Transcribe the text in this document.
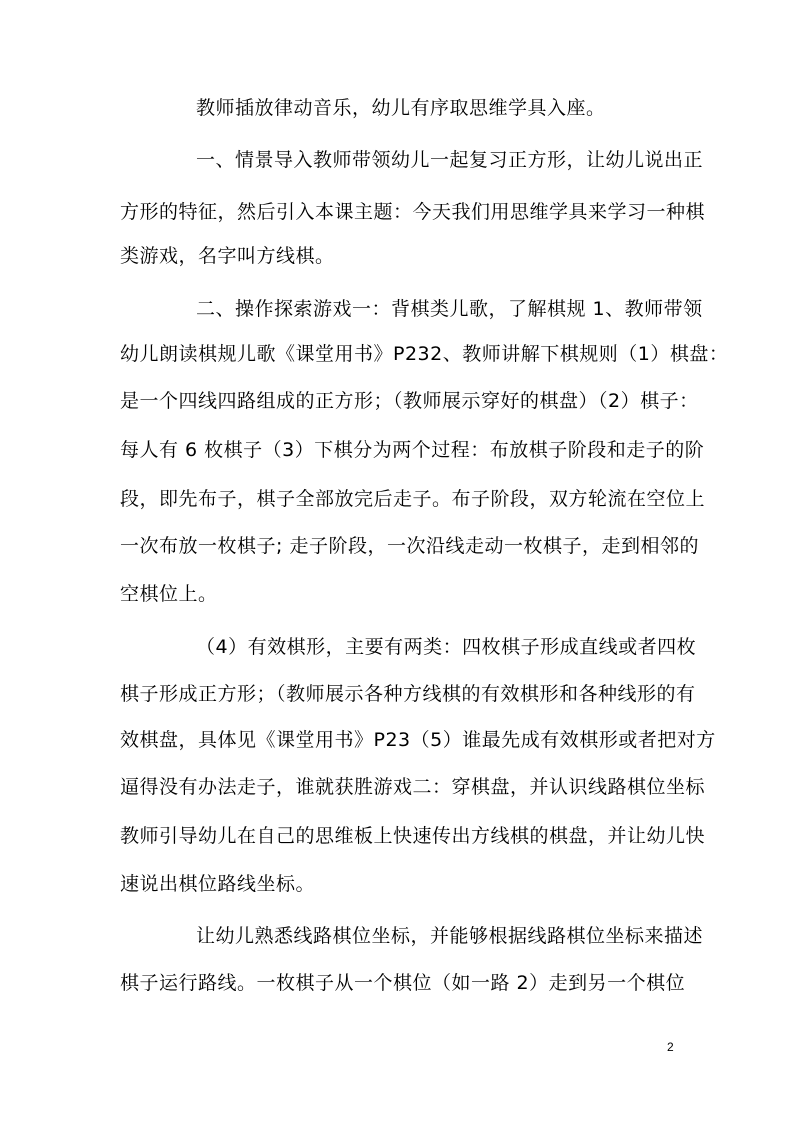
教师插放律动音乐，幼儿有序取思维学具入座。
一、情景导入教师带领幼儿一起复习正方形，让幼儿说出正
方形的特征，然后引入本课主题：今天我们用思维学具来学习一种棋
类游戏，名字叫方线棋。
二、操作探索游戏一：背棋类儿歌，了解棋规 1、教师带领
幼儿朗读棋规儿歌《课堂用书》P232、教师讲解下棋规则（1）棋盘：
是一个四线四路组成的正方形；（教师展示穿好的棋盘）（2）棋子：
每人有 6 枚棋子（3）下棋分为两个过程：布放棋子阶段和走子的阶
段，即先布子，棋子全部放完后走子。布子阶段，双方轮流在空位上
一次布放一枚棋子; 走子阶段，一次沿线走动一枚棋子，走到相邻的
空棋位上。
（4）有效棋形，主要有两类：四枚棋子形成直线或者四枚
棋子形成正方形；（教师展示各种方线棋的有效棋形和各种线形的有
效棋盘，具体见《课堂用书》P23（5）谁最先成有效棋形或者把对方
逼得没有办法走子，谁就获胜游戏二：穿棋盘，并认识线路棋位坐标
教师引导幼儿在自己的思维板上快速传出方线棋的棋盘，并让幼儿快
速说出棋位路线坐标。
让幼儿熟悉线路棋位坐标，并能够根据线路棋位坐标来描述
棋子运行路线。一枚棋子从一个棋位（如一路 2）走到另一个棋位
2
